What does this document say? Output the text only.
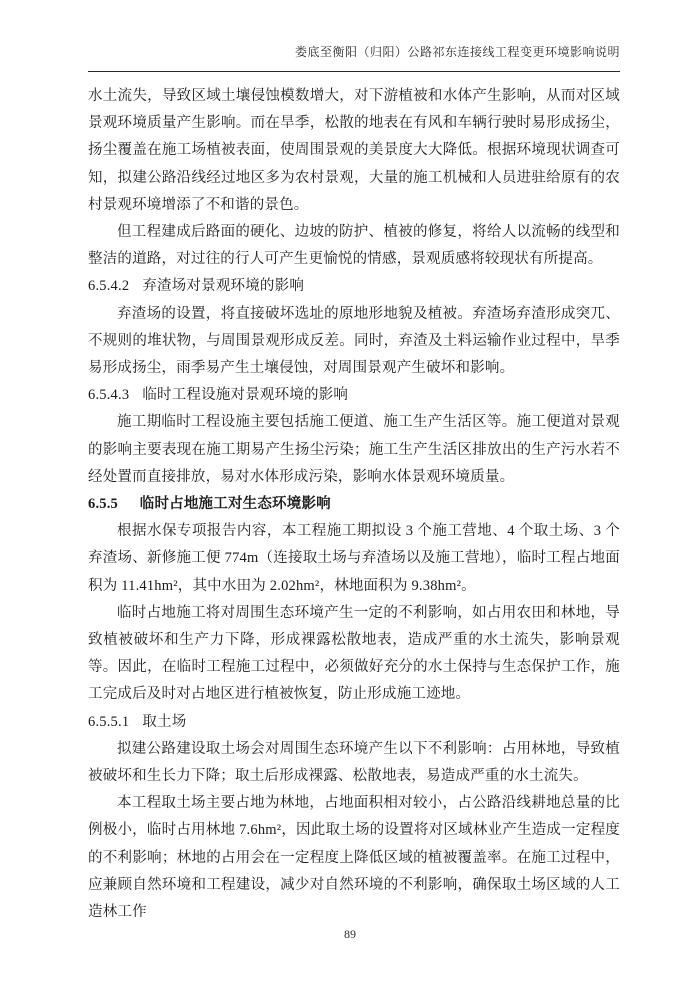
娄底至衡阳（归阳）公路祁东连接线工程变更环境影响说明

水土流失，导致区域土壤侵蚀模数增大，对下游植被和水体产生影响，从而对区域景观环境质量产生影响。而在旱季，松散的地表在有风和车辆行驶时易形成扬尘，扬尘覆盖在施工场植被表面，使周围景观的美景度大大降低。根据环境现状调查可知，拟建公路沿线经过地区多为农村景观，大量的施工机械和人员进驻给原有的农村景观环境增添了不和谐的景色。

但工程建成后路面的硬化、边坡的防护、植被的修复，将给人以流畅的线型和整洁的道路，对过往的行人可产生更愉悦的情感，景观质感将较现状有所提高。

6.5.4.2 弃渣场对景观环境的影响

弃渣场的设置，将直接破坏选址的原地形地貌及植被。弃渣场弃渣形成突兀、不规则的堆状物，与周围景观形成反差。同时，弃渣及土料运输作业过程中，旱季易形成扬尘，雨季易产生土壤侵蚀，对周围景观产生破坏和影响。

6.5.4.3 临时工程设施对景观环境的影响

施工期临时工程设施主要包括施工便道、施工生产生活区等。施工便道对景观的影响主要表现在施工期易产生扬尘污染；施工生产生活区排放出的生产污水若不经处置而直接排放，易对水体形成污染，影响水体景观环境质量。

6.5.5 临时占地施工对生态环境影响

根据水保专项报告内容，本工程施工期拟设 3 个施工营地、4 个取土场、3 个弃渣场、新修施工便 774m（连接取土场与弃渣场以及施工营地），临时工程占地面积为 11.41hm²，其中水田为 2.02hm²，林地面积为 9.38hm²。

临时占地施工将对周围生态环境产生一定的不利影响，如占用农田和林地，导致植被破坏和生产力下降，形成裸露松散地表，造成严重的水土流失，影响景观等。因此，在临时工程施工过程中，必须做好充分的水土保持与生态保护工作，施工完成后及时对占地区进行植被恢复，防止形成施工迹地。

6.5.5.1 取土场

拟建公路建设取土场会对周围生态环境产生以下不利影响：占用林地，导致植被破坏和生长力下降；取土后形成裸露、松散地表，易造成严重的水土流失。

本工程取土场主要占地为林地，占地面积相对较小，占公路沿线耕地总量的比例极小，临时占用林地 7.6hm²，因此取土场的设置将对区域林业产生造成一定程度的不利影响；林地的占用会在一定程度上降低区域的植被覆盖率。在施工过程中，应兼顾自然环境和工程建设，减少对自然环境的不利影响，确保取土场区域的人工造林工作

89
